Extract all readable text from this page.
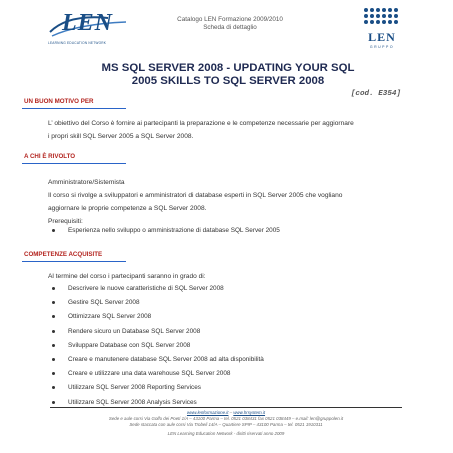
LEN
LEARNING EDUCATION NETWORK
Catalogo LEN Formazione 2009/2010
Scheda di dettaglio
LEN
GRUPPO
MS SQL SERVER 2008 - UPDATING YOUR SQL
2005 SKILLS TO SQL SERVER 2008
[cod. E354]
UN BUON MOTIVO PER
L’ obiettivo del Corso è fornire ai partecipanti la preparazione e le competenze necessarie per aggiornare
i propri skill SQL Server 2005 a SQL Server 2008.
A CHI È RIVOLTO
Amministratore/Sistemista
Il corso si rivolge a sviluppatori e amministratori di database esperti in SQL Server 2005 che vogliano
aggiornare le proprie competenze a SQL Server 2008.
Prerequisiti:
Esperienza nello sviluppo o amministrazione di database SQL Server 2005
COMPETENZE ACQUISITE
Al termine del corso i partecipanti saranno in grado di:
Descrivere le nuove caratteristiche di SQL Server 2008
Gestire SQL Server 2008
Ottimizzare SQL Server 2008
Rendere sicuro un Database SQL Server 2008
Sviluppare Database con SQL Server 2008
Creare e manutenere database SQL Server 2008 ad alta disponibilità
Creare e utilizzare una data warehouse SQL Server 2008
Utilizzare SQL Server 2008 Reporting Services
Utilizzare SQL Server 2008 Analysis Services
www.lenformazione.it – www.hrsystem.it
Sede e aule corsi Via Golfo dei Poeti 1/A – 43100 Parma – tel. 0521 038431 fax 0521 038449 – e.mail: len@gruppolen.it
Sede staccata con aule corsi Via Trobeli 14/A – Quartiere SPIP – 43100 Parma – tel. 0521 1910311
LEN Learning Education Network - diritti riservati anno 2009
